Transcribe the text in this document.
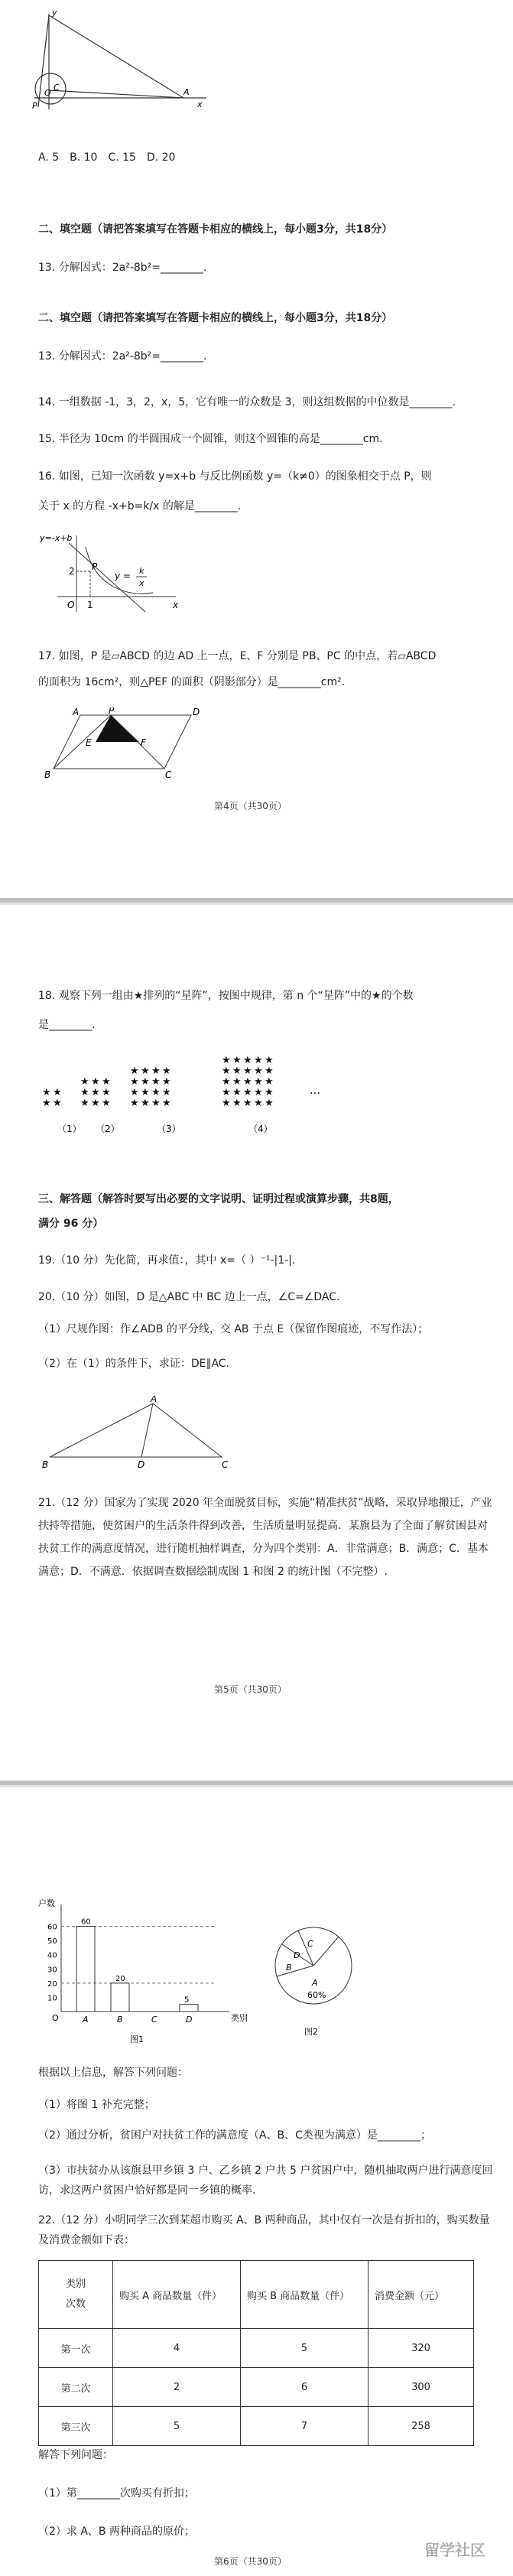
y
x
C
O	A
P
A. 5　B. 10　C. 15　D. 20
二、填空题（请把答案填写在答题卡相应的横线上，每小题3分，共18分）
13. 分解因式：2a²-8b²=________.
二、填空题（请把答案填写在答题卡相应的横线上，每小题3分，共18分）
13. 分解因式：2a²-8b²=________.
14. 一组数据 -1，3，2，x，5，它有唯一的众数是 3，则这组数据的中位数是________.
15. 半径为 10cm 的半圆围成一个圆锥，则这个圆锥的高是________cm.
16. 如图，已知一次函数 y=x+b 与反比例函数 y=（k≠0）的图象相交于点 P，则
关于 x 的方程 -x+b=k/x 的解是________.
y=-x+b
2 P
y = k
x
O 1	x
17. 如图，P 是▱ABCD 的边 AD 上一点，E、F 分别是 PB、PC 的中点，若▱ABCD
的面积为 16cm²，则△PEF 的面积（阴影部分）是________cm².
A	P	D
E	F
B	C
第4页（共30页）
18. 观察下列一组由★排列的“星阵”，按图中规律，第 n 个“星阵”中的★的个数
是________.
★ ★
★ ★
★ ★ ★
★ ★ ★
★ ★ ★
★ ★ ★ ★
★ ★ ★ ★
★ ★ ★ ★
★ ★ ★ ★
★ ★ ★ ★ ★
★ ★ ★ ★ ★
★ ★ ★ ★ ★
★ ★ ★ ★ ★
★ ★ ★ ★ ★
（1） （2）	（3）	（4）
…
三、解答题（解答时要写出必要的文字说明、证明过程或演算步骤，共8题，
满分 96 分）
19.（10 分）先化简，再求值：，其中 x=（ ）⁻¹-|1-|.
20.（10 分）如图，D 是△ABC 中 BC 边上一点，∠C=∠DAC.
（1）尺规作图：作∠ADB 的平分线，交 AB 于点 E（保留作图痕迹，不写作法）；
（2）在（1）的条件下，求证：DE∥AC.
A
B	D	C
21.（12 分）国家为了实现 2020 年全面脱贫目标，实施“精准扶贫”战略，采取异地搬迁，产业扶持等措施，使贫困户的生活条件得到改善，生活质量明显提高．某旗县为了全面了解贫困县对扶贫工作的满意度情况，进行随机抽样调查，分为四个类别：A．非常满意；B．满意；C．基本满意；D．不满意．依据调查数据绘制成图 1 和图 2 的统计图（不完整）.
第5页（共30页）
O
10
20
30
40
50
60
60
A
20
B	C
5
D
户数
类别
图1
D
C
B
A
60%
图2
根据以上信息，解答下列问题：
（1）将图 1 补充完整；
（2）通过分析，贫困户对扶贫工作的满意度（A、B、C类视为满意）是________；
（3）市扶贫办从该旗县甲乡镇 3 户、乙乡镇 2 户共 5 户贫困户中，随机抽取两户进行满意度回访，求这两户贫困户恰好都是同一乡镇的概率.
22.（12 分）小明同学三次到某超市购买 A、B 两种商品，其中仅有一次是有折扣的，购买数量及消费金额如下表：
类别
次数	购买 A 商品数量（件）	购买 B 商品数量（件）	消费金额（元）
第一次	4	5	320
第二次	2	6	300
第三次	5	7	258
解答下列问题：
（1）第________次购买有折扣；
（2）求 A、B 两种商品的原价；
第6页（共30页）
留学社区
